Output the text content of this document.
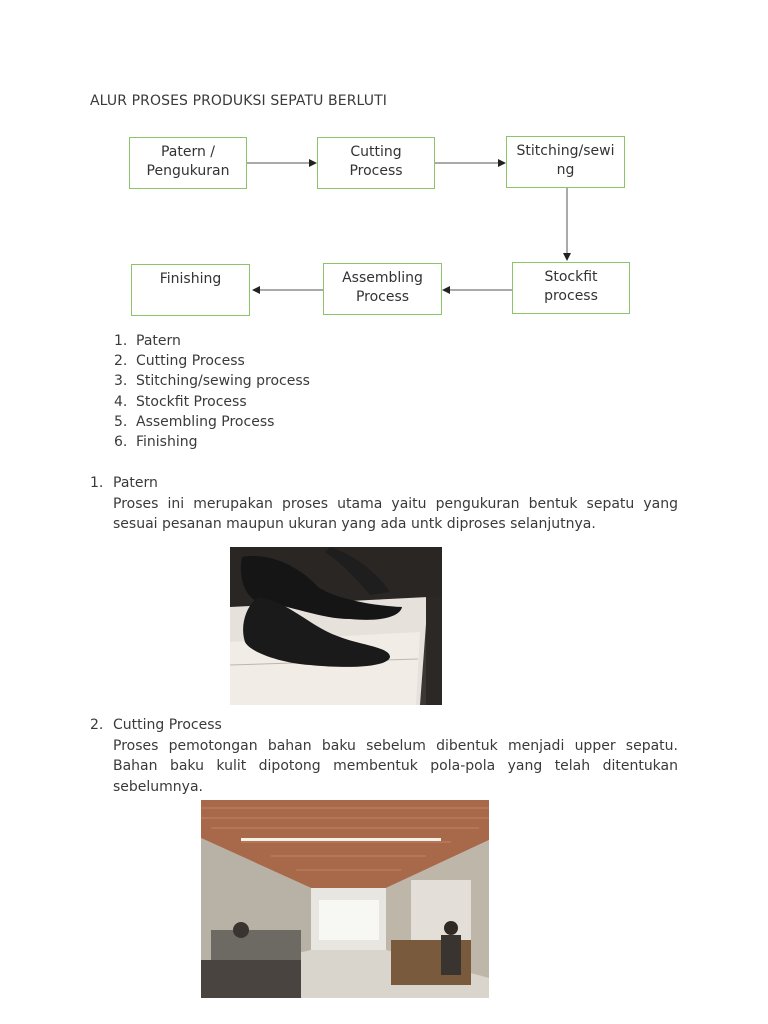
ALUR PROSES PRODUKSI SEPATU BERLUTI
Patern / Pengukuran
Cutting Process
Stitching/sewing
Stockfit process
Assembling Process
Finishing
1. Patern
2. Cutting Process
3. Stitching/sewing process
4. Stockfit Process
5. Assembling Process
6. Finishing
1. Patern
Proses ini merupakan proses utama yaitu pengukuran bentuk sepatu yang sesuai pesanan maupun ukuran yang ada untk diproses selanjutnya.
2. Cutting Process
Proses pemotongan bahan baku sebelum dibentuk menjadi upper sepatu. Bahan baku kulit dipotong membentuk pola-pola yang telah ditentukan sebelumnya.
